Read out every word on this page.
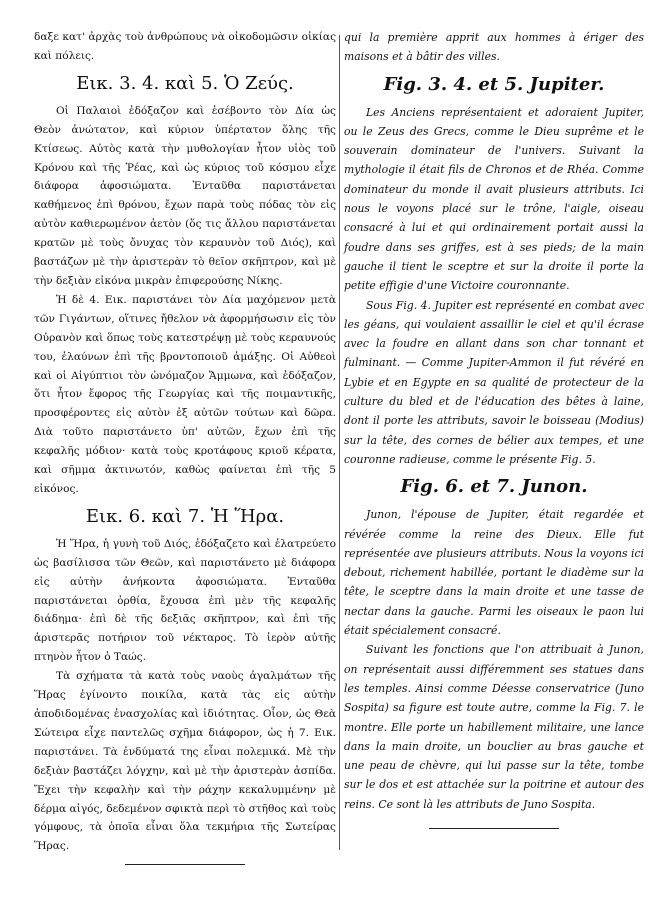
δαξε κατ' ἀρχὰς τοὺ ἀνθρώπους νὰ οἰκοδομῶσιν οἰκίας καὶ πόλεις.

Εικ. 3. 4. καὶ 5. Ὁ Ζεύς.

Οἱ Παλαιοὶ ἐδόξαζον καὶ ἐσέβοντο τὸν Δία ὡς Θεὸν ἀνώτατον, καὶ κύριον ὑπέρτατον ὅλης τῆς Κτίσεως. Αὐτὸς κατὰ τὴν μυθολογίαν ἦτον υἱὸς τοῦ Κρόνου καὶ τῆς Ῥέας, καὶ ὡς κύριος τοῦ κόσμου εἶχε διάφορα ἀφοσιώματα. Ἐνταῦθα παριστάνεται καθήμενος ἐπὶ θρόνου, ἔχων παρὰ τοὺς πόδας τὸν εἰς αὐτὸν καθιερωμένον ἀετὸν (ὅς τις ἄλλου παριστάνεται κρατῶν μὲ τοὺς ὄνυχας τὸν κεραυνὸν τοῦ Διός), καὶ βαστάζων μὲ τὴν ἀριστερὰν τὸ θεῖον σκῆπτρον, καὶ μὲ τὴν δεξιὰν εἰκόνα μικρὰν ἐπιφερούσης Νίκης.

Ἡ δὲ 4. Εικ. παριστάνει τὸν Δία μαχόμενον μετὰ τῶν Γιγάντων, οἵτινες ἤθελον νὰ ἀφορμήσωσιν εἰς τὸν Οὐρανὸν καὶ ὅπως τοὺς κατεστρέψῃ μὲ τοὺς κεραυνούς του, ἐλαύνων ἐπὶ τῆς βροντοποιοῦ ἁμάξης. Οἱ Αὐθεοὶ καὶ οἱ Αἰγύπτιοι τὸν ὠνόμαζον Ἄμμωνα, καὶ ἐδόξαζον, ὅτι ἦτον ἔφορος τῆς Γεωργίας καὶ τῆς ποιμαντικῆς, προσφέροντες εἰς αὐτὸν ἐξ αὐτῶν τούτων καὶ δῶρα. Διὰ τοῦτο παριστάνετο ὑπ' αὐτῶν, ἔχων ἐπὶ τῆς κεφαλῆς μόδιον· κατὰ τοὺς κροτάφους κριοῦ κέρατα, καὶ σῆμμα ἀκτινωτόν, καθὼς φαίνεται ἐπὶ τῆς 5 εἰκόνος.

Εικ. 6. καὶ 7. Ἡ Ἥρα.

Ἡ Ἥρα, ἡ γυνὴ τοῦ Διός, ἐδόξαζετο καὶ ἐλατρεύετο ὡς βασίλισσα τῶν Θεῶν, καὶ παριστάνετο μὲ διάφορα εἰς αὐτὴν ἀνήκοντα ἀφοσιώματα. Ἐνταῦθα παριστάνεται ὀρθία, ἔχουσα ἐπὶ μὲν τῆς κεφαλῆς διάδημα· ἐπὶ δὲ τῆς δεξιᾶς σκῆπτρον, καὶ ἐπὶ τῆς ἀριστερᾶς ποτήριον τοῦ νέκταρος. Τὸ ἱερὸν αὐτῆς πτηνὸν ἦτον ὁ Ταώς.

Τὰ σχήματα τὰ κατὰ τοὺς ναοὺς ἀγαλμάτων τῆς Ἥρας ἐγίνοντο ποικίλα, κατὰ τὰς εἰς αὐτὴν ἀποδιδομένας ἐνασχολίας καὶ ἰδιότητας. Οἷον, ὡς Θεὰ Σώτειρα εἶχε παντελῶς σχῆμα διάφορον, ὡς ἡ 7. Εικ. παριστάνει. Τὰ ἐνδύματά της εἶναι πολεμικά. Μὲ τὴν δεξιὰν βαστάζει λόγχην, καὶ μὲ τὴν ἀριστερὰν ἀσπίδα. Ἔχει τὴν κεφαλὴν καὶ τὴν ράχην κεκαλυμμένην μὲ δέρμα αἰγός, δεδεμένον σφικτὰ περὶ τὸ στῆθος καὶ τοὺς γόμφους, τὰ ὁποῖα εἶναι ὅλα τεκμήρια τῆς Σωτείρας Ἥρας.

qui la première apprit aux hommes à ériger des maisons et à bâtir des villes.

Fig. 3. 4. et 5. Jupiter.

Les Anciens représentaient et adoraient Jupiter, ou le Zeus des Grecs, comme le Dieu suprême et le souverain dominateur de l'univers. Suivant la mythologie il était fils de Chronos et de Rhéa. Comme dominateur du monde il avait plusieurs attributs. Ici nous le voyons placé sur le trône, l'aigle, oiseau consacré à lui et qui ordinairement portait aussi la foudre dans ses griffes, est à ses pieds; de la main gauche il tient le sceptre et sur la droite il porte la petite effigie d'une Victoire couronnante.

Sous Fig. 4. Jupiter est représenté en combat avec les géans, qui voulaient assaillir le ciel et qu'il écrase avec la foudre en allant dans son char tonnant et fulminant. — Comme Jupiter-Ammon il fut révéré en Lybie et en Egypte en sa qualité de protecteur de la culture du bled et de l'éducation des bêtes à laine, dont il porte les attributs, savoir le boisseau (Modius) sur la tête, des cornes de bélier aux tempes, et une couronne radieuse, comme le présente Fig. 5.

Fig. 6. et 7. Junon.

Junon, l'épouse de Jupiter, était regardée et révérée comme la reine des Dieux. Elle fut représentée ave plusieurs attributs. Nous la voyons ici debout, richement habillée, portant le diadème sur la tête, le sceptre dans la main droite et une tasse de nectar dans la gauche. Parmi les oiseaux le paon lui était spécialement consacré.

Suivant les fonctions que l'on attribuait à Junon, on représentait aussi différemment ses statues dans les temples. Ainsi comme Déesse conservatrice (Juno Sospita) sa figure est toute autre, comme la Fig. 7. le montre. Elle porte un habillement militaire, une lance dans la main droite, un bouclier au bras gauche et une peau de chèvre, qui lui passe sur la tête, tombe sur le dos et est attachée sur la poitrine et autour des reins. Ce sont là les attributs de Juno Sospita.
